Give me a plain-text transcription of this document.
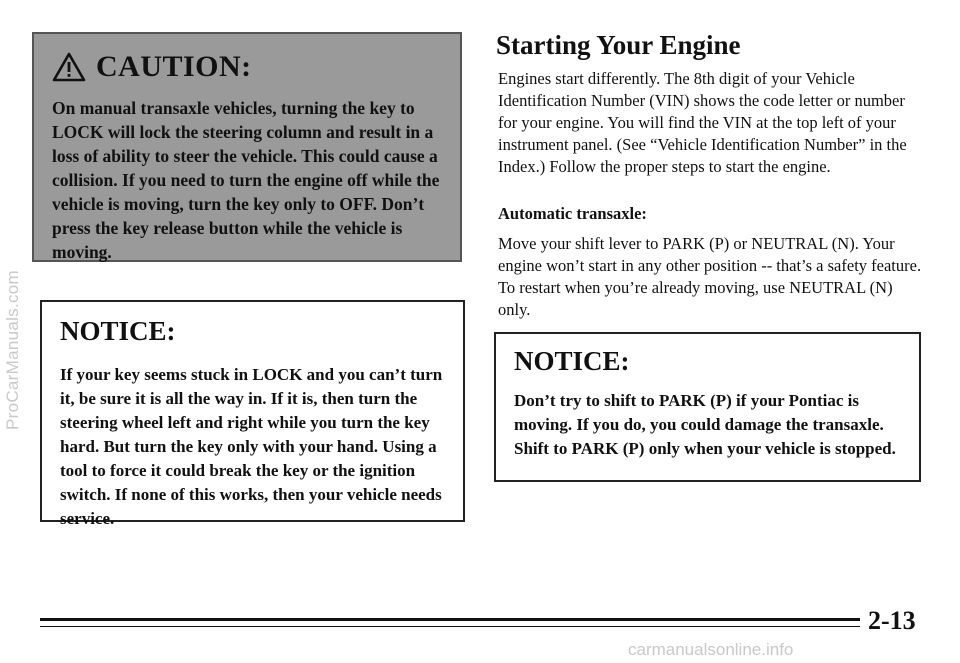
ProCarManuals.com
CAUTION:

On manual transaxle vehicles, turning the key to LOCK will lock the steering column and result in a loss of ability to steer the vehicle. This could cause a collision. If you need to turn the engine off while the vehicle is moving, turn the key only to OFF. Don’t press the key release button while the vehicle is moving.

NOTICE:

If your key seems stuck in LOCK and you can’t turn it, be sure it is all the way in. If it is, then turn the steering wheel left and right while you turn the key hard. But turn the key only with your hand. Using a tool to force it could break the key or the ignition switch. If none of this works, then your vehicle needs service.

Starting Your Engine

Engines start differently. The 8th digit of your Vehicle Identification Number (VIN) shows the code letter or number for your engine. You will find the VIN at the top left of your instrument panel. (See “Vehicle Identification Number” in the Index.) Follow the proper steps to start the engine.

Automatic transaxle:

Move your shift lever to PARK (P) or NEUTRAL (N). Your engine won’t start in any other position -- that’s a safety feature. To restart when you’re already moving, use NEUTRAL (N) only.

NOTICE:

Don’t try to shift to PARK (P) if your Pontiac is moving. If you do, you could damage the transaxle. Shift to PARK (P) only when your vehicle is stopped.

2-13

carmanualsonline.info
